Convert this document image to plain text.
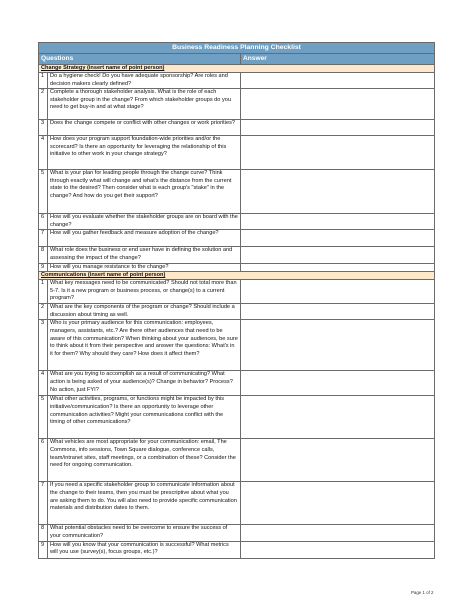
Business Readiness Planning Checklist		
Questions		Answer
Change Strategy (insert name of point person)		
1	Do a hygiene check! Do you have adequate sponsorship? Are roles and decision makers clearly defined?	
2	Complete a thorough stakeholder analysis. What is the role of each stakeholder group in the change? From which stakeholder groups do you need to get buy-in and at what stage?	
3	Does the change compete or conflict with other changes or work priorities?	
4	How does your program support foundation-wide priorities and/or the scorecard? Is there an opportunity for leveraging the relationship of this initiative to other work in your change strategy?	
5	What is your plan for leading people through the change curve? Think through exactly what will change and what's the distance from the current state to the desired? Then consider what is each group's "stake" in the change? And how do you get their support?	
6	How will you evaluate whether the stakeholder groups are on board with the change?	
7	How will you gather feedback and measure adoption of the change?	
8	What role does the business or end user have in defining the solution and assessing the impact of the change?	
9	How will you manage resistance to the change?	
Communications (insert name of point person)		
1	What key messages need to be communicated? Should not total more than 5-7. Is it a new program or business process, or change(s) to a current program?	
2	What are the key components of the program or change? Should include a discussion about timing as well.	
3	Who is your primary audience for this communication: employees, managers, assistants, etc.? Are there other audiences that need to be aware of this communication? When thinking about your audiences, be sure to think about it from their perspective and answer the questions: What's in it for them? Why should they care? How does it affect them?	
4	What are you trying to accomplish as a result of communicating? What action is being asked of your audience(s)? Change in behavior? Process? No action, just FYI?	
5	What other activities, programs, or functions might be impacted by this initiative/communication? Is there an opportunity to leverage other communication activities? Might your communications conflict with the timing of other communications?	
6	What vehicles are most appropriate for your communication: email, The Commons, info sessions, Town Square dialogue, conference calls, team/intranet sites, staff meetings, or a combination of these? Consider the need for ongoing communication.	
7	If you need a specific stakeholder group to communicate information about the change to their teams, then you must be prescriptive about what you are asking them to do. You will also need to provide specific communication materials and distribution dates to them.	
8	What potential obstacles need to be overcome to ensure the success of your communication?	
9	How will you know that your communication is successful? What metrics will you use (survey(s), focus groups, etc.)?	
Page 1 of 2
